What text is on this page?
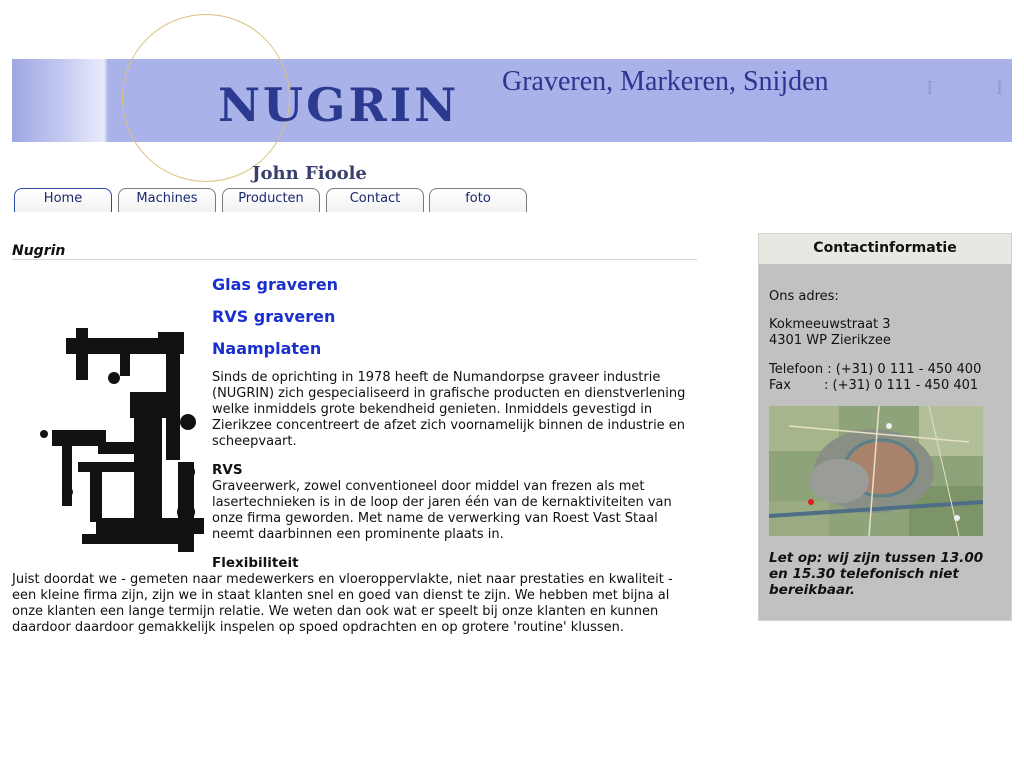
NUGRIN Graveren, Markeren, Snijden	I	I
John Fioole
Home	Machines	Producten	Contact	foto
Nugrin
Glas graveren
RVS graveren
Naamplaten
Sinds de oprichting in 1978 heeft de Numandorpse graveer industrie (NUGRIN) zich gespecialiseerd in grafische producten en dienstverlening welke inmiddels grote bekendheid genieten. Inmiddels gevestigd in Zierikzee concentreert de afzet zich voornamelijk binnen de industrie en scheepvaart.
RVS
Graveerwerk, zowel conventioneel door middel van frezen als met lasertechnieken is in de loop der jaren één van de kernaktiviteiten van onze firma geworden. Met name de verwerking van Roest Vast Staal neemt daarbinnen een prominente plaats in.
Flexibiliteit
Juist doordat we - gemeten naar medewerkers en vloeroppervlakte, niet naar prestaties en kwaliteit - een kleine firma zijn, zijn we in staat klanten snel en goed van dienst te zijn. We hebben met bijna al onze klanten een lange termijn relatie. We weten dan ook wat er speelt bij onze klanten en kunnen daardoor daardoor gemakkelijk inspelen op spoed opdrachten en op grotere 'routine' klussen.
Contactinformatie
Ons adres:
Kokmeeuwstraat 3
4301 WP Zierikzee
Telefoon : (+31) 0 111 - 450 400
Fax        : (+31) 0 111 - 450 401
Let op: wij zijn tussen 13.00 en 15.30 telefonisch niet bereikbaar.
